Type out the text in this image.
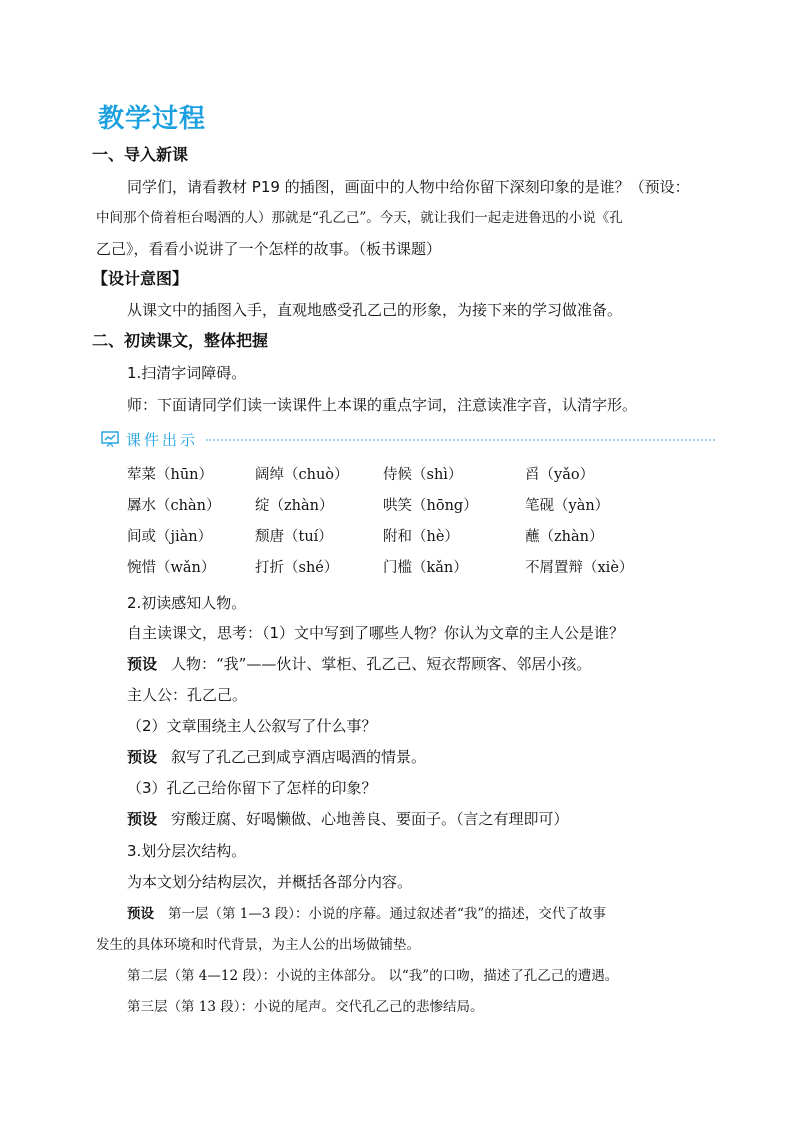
教学过程

一、导入新课

同学们，请看教材 P19 的插图，画面中的人物中给你留下深刻印象的是谁？（预设：

中间那个倚着柜台喝酒的人）那就是“孔乙己”。今天，就让我们一起走进鲁迅的小说《孔

乙己》，看看小说讲了一个怎样的故事。（板书课题）

【设计意图】

从课文中的插图入手，直观地感受孔乙己的形象，为接下来的学习做准备。

二、初读课文，整体把握

1.扫清字词障碍。

师：下面请同学们读一读课件上本课的重点字词，注意读准字音，认清字形。

课件出示
荤菜（hūn）	阔绰（chuò）	侍候（shì）	舀（yǎo）
羼水（chàn）	绽（zhàn）	哄笑（hōng）	笔砚（yàn）
间或（jiàn）	颓唐（tuí）	附和（hè）	蘸（zhàn）
惋惜（wǎn）	打折（shé）	门槛（kǎn）	不屑置辩（xiè）

2.初读感知人物。

自主读课文，思考：（1）文中写到了哪些人物？你认为文章的主人公是谁？

预设 人物：“我”——伙计、掌柜、孔乙己、短衣帮顾客、邻居小孩。

主人公：孔乙己。

（2）文章围绕主人公叙写了什么事？

预设 叙写了孔乙己到咸亨酒店喝酒的情景。

（3）孔乙己给你留下了怎样的印象？

预设 穷酸迂腐、好喝懒做、心地善良、要面子。（言之有理即可）

3.划分层次结构。

为本文划分结构层次，并概括各部分内容。

预设 第一层（第 1—3 段）：小说的序幕。通过叙述者“我”的描述，交代了故事

发生的具体环境和时代背景，为主人公的出场做铺垫。

第二层（第 4—12 段）：小说的主体部分。 以“我”的口吻，描述了孔乙己的遭遇。

第三层（第 13 段）：小说的尾声。交代孔乙己的悲惨结局。
